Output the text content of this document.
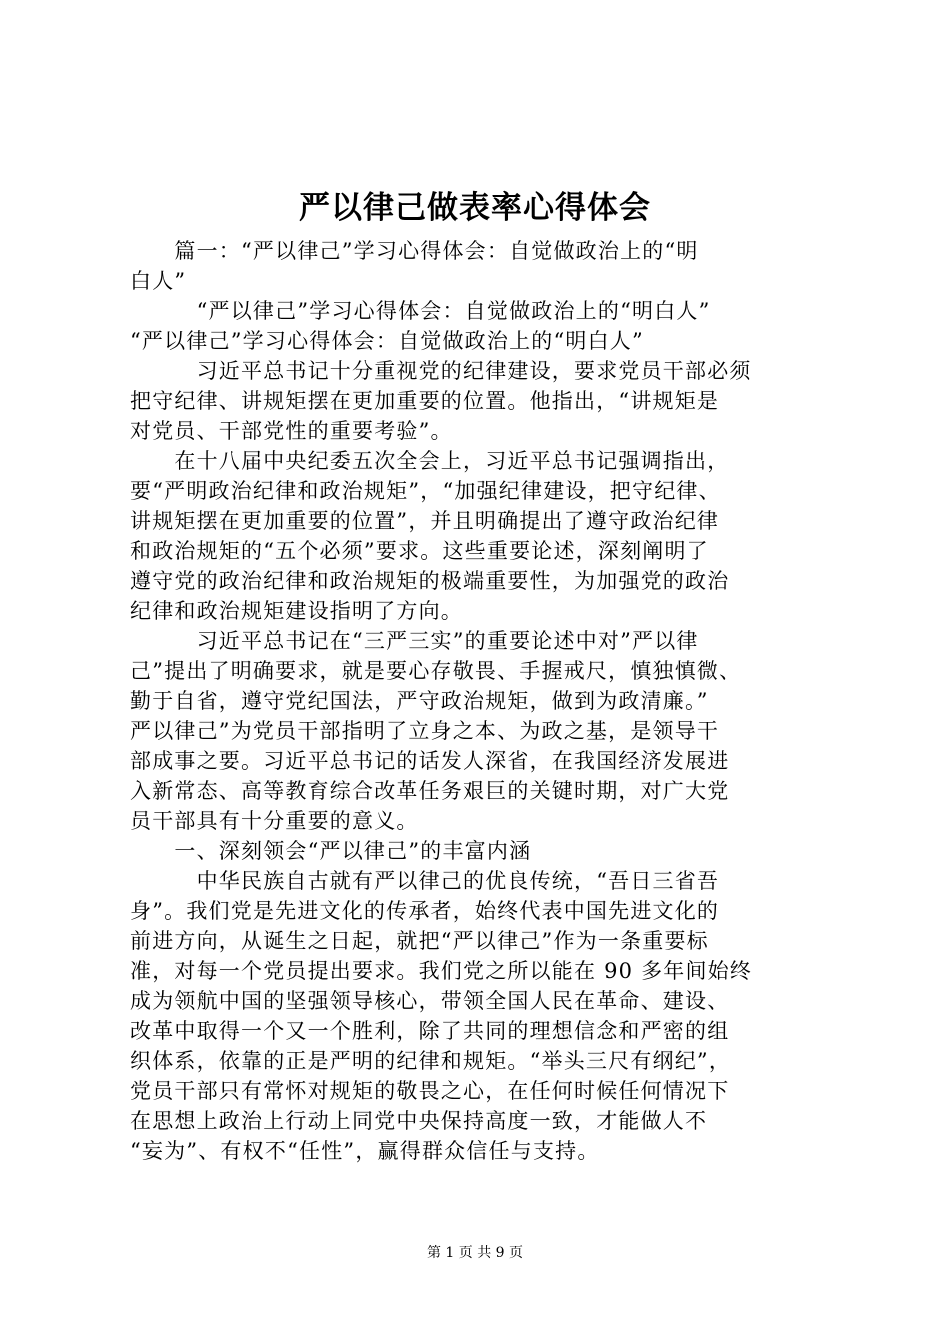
严以律己做表率心得体会
　　篇一：“严以律己”学习心得体会：自觉做政治上的“明
白人”
　　　“严以律己”学习心得体会：自觉做政治上的“明白人”
“严以律己”学习心得体会：自觉做政治上的“明白人”
　　　习近平总书记十分重视党的纪律建设，要求党员干部必须
把守纪律、讲规矩摆在更加重要的位置。他指出，“讲规矩是
对党员、干部党性的重要考验”。
　　在十八届中央纪委五次全会上，习近平总书记强调指出，
要“严明政治纪律和政治规矩”，“加强纪律建设，把守纪律、
讲规矩摆在更加重要的位置”，并且明确提出了遵守政治纪律
和政治规矩的“五个必须”要求。这些重要论述，深刻阐明了
遵守党的政治纪律和政治规矩的极端重要性，为加强党的政治
纪律和政治规矩建设指明了方向。
　　　习近平总书记在“三严三实”的重要论述中对”严以律
己”提出了明确要求，就是要心存敬畏、手握戒尺，慎独慎微、
勤于自省，遵守党纪国法，严守政治规矩，做到为政清廉。”
严以律己”为党员干部指明了立身之本、为政之基，是领导干
部成事之要。习近平总书记的话发人深省，在我国经济发展进
入新常态、高等教育综合改革任务艰巨的关键时期，对广大党
员干部具有十分重要的意义。
　　一、深刻领会“严以律己”的丰富内涵
　　　中华民族自古就有严以律己的优良传统，“吾日三省吾
身”。我们党是先进文化的传承者，始终代表中国先进文化的
前进方向，从诞生之日起，就把“严以律己”作为一条重要标
准，对每一个党员提出要求。我们党之所以能在 90 多年间始终
成为领航中国的坚强领导核心，带领全国人民在革命、建设、
改革中取得一个又一个胜利，除了共同的理想信念和严密的组
织体系，依靠的正是严明的纪律和规矩。“举头三尺有纲纪”，
党员干部只有常怀对规矩的敬畏之心，在任何时候任何情况下
在思想上政治上行动上同党中央保持高度一致，才能做人不
“妄为”、有权不“任性”，赢得群众信任与支持。
第 1 页 共 9 页
